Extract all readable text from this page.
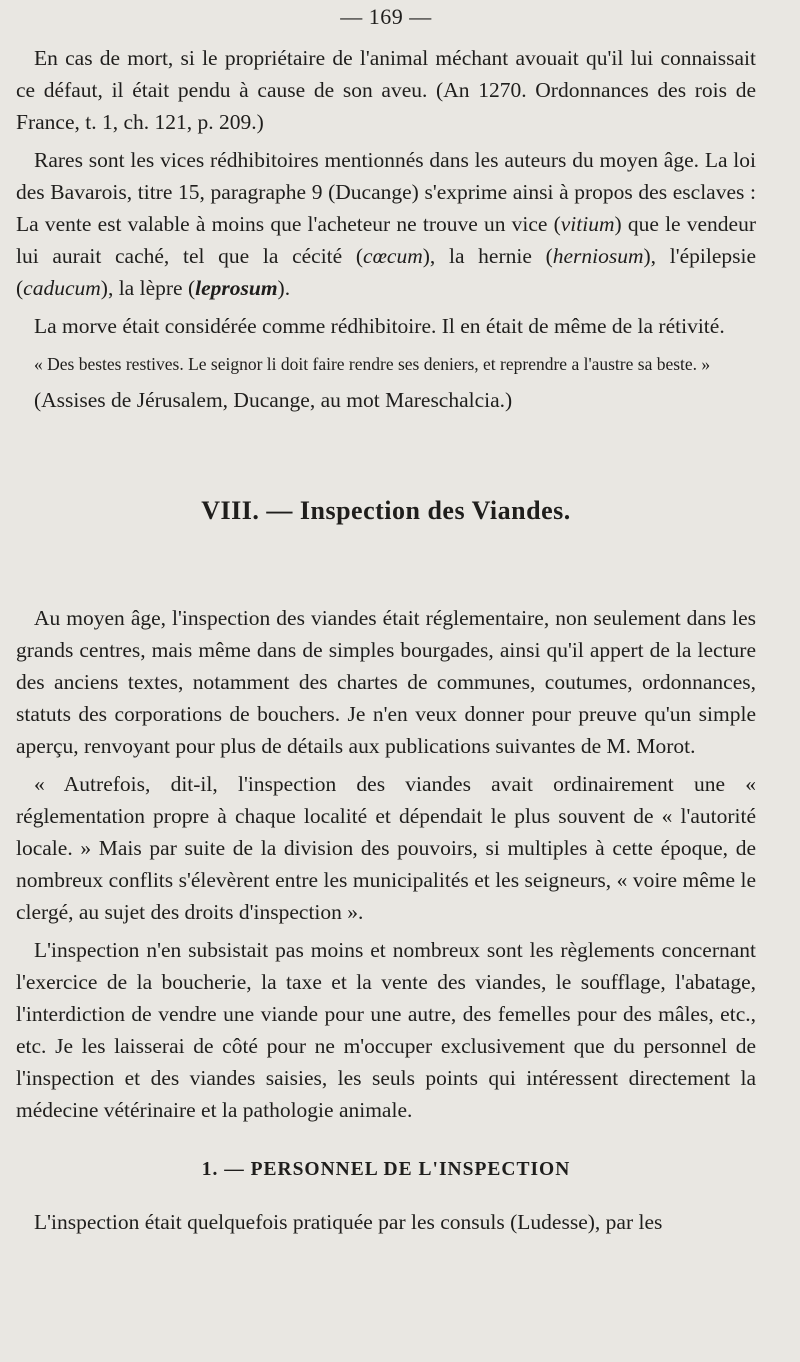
— 169 —

En cas de mort, si le propriétaire de l'animal méchant avouait qu'il lui connaissait ce défaut, il était pendu à cause de son aveu. (An 1270. Ordonnances des rois de France, t. 1, ch. 121, p. 209.)

Rares sont les vices rédhibitoires mentionnés dans les auteurs du moyen âge. La loi des Bavarois, titre 15, paragraphe 9 (Ducange) s'exprime ainsi à propos des esclaves : La vente est valable à moins que l'acheteur ne trouve un vice (vitium) que le vendeur lui aurait caché, tel que la cécité (cœcum), la hernie (herniosum), l'épilepsie (caducum), la lèpre (leprosum).

La morve était considérée comme rédhibitoire. Il en était de même de la rétivité.

« Des bestes restives. Le seignor li doit faire rendre ses deniers, et reprendre a l'austre sa beste. »

(Assises de Jérusalem, Ducange, au mot Mareschalcia.)

VIII. — Inspection des Viandes.

Au moyen âge, l'inspection des viandes était réglementaire, non seulement dans les grands centres, mais même dans de simples bourgades, ainsi qu'il appert de la lecture des anciens textes, notamment des chartes de communes, coutumes, ordonnances, statuts des corporations de bouchers. Je n'en veux donner pour preuve qu'un simple aperçu, renvoyant pour plus de détails aux publications suivantes de M. Morot.

« Autrefois, dit-il, l'inspection des viandes avait ordinairement une « réglementation propre à chaque localité et dépendait le plus souvent de « l'autorité locale. » Mais par suite de la division des pouvoirs, si multiples à cette époque, de nombreux conflits s'élevèrent entre les municipalités et les seigneurs, « voire même le clergé, au sujet des droits d'inspection ».

L'inspection n'en subsistait pas moins et nombreux sont les règlements concernant l'exercice de la boucherie, la taxe et la vente des viandes, le soufflage, l'abatage, l'interdiction de vendre une viande pour une autre, des femelles pour des mâles, etc., etc. Je les laisserai de côté pour ne m'occuper exclusivement que du personnel de l'inspection et des viandes saisies, les seuls points qui intéressent directement la médecine vétérinaire et la pathologie animale.

1. — PERSONNEL DE L'INSPECTION

L'inspection était quelquefois pratiquée par les consuls (Ludesse), par les
